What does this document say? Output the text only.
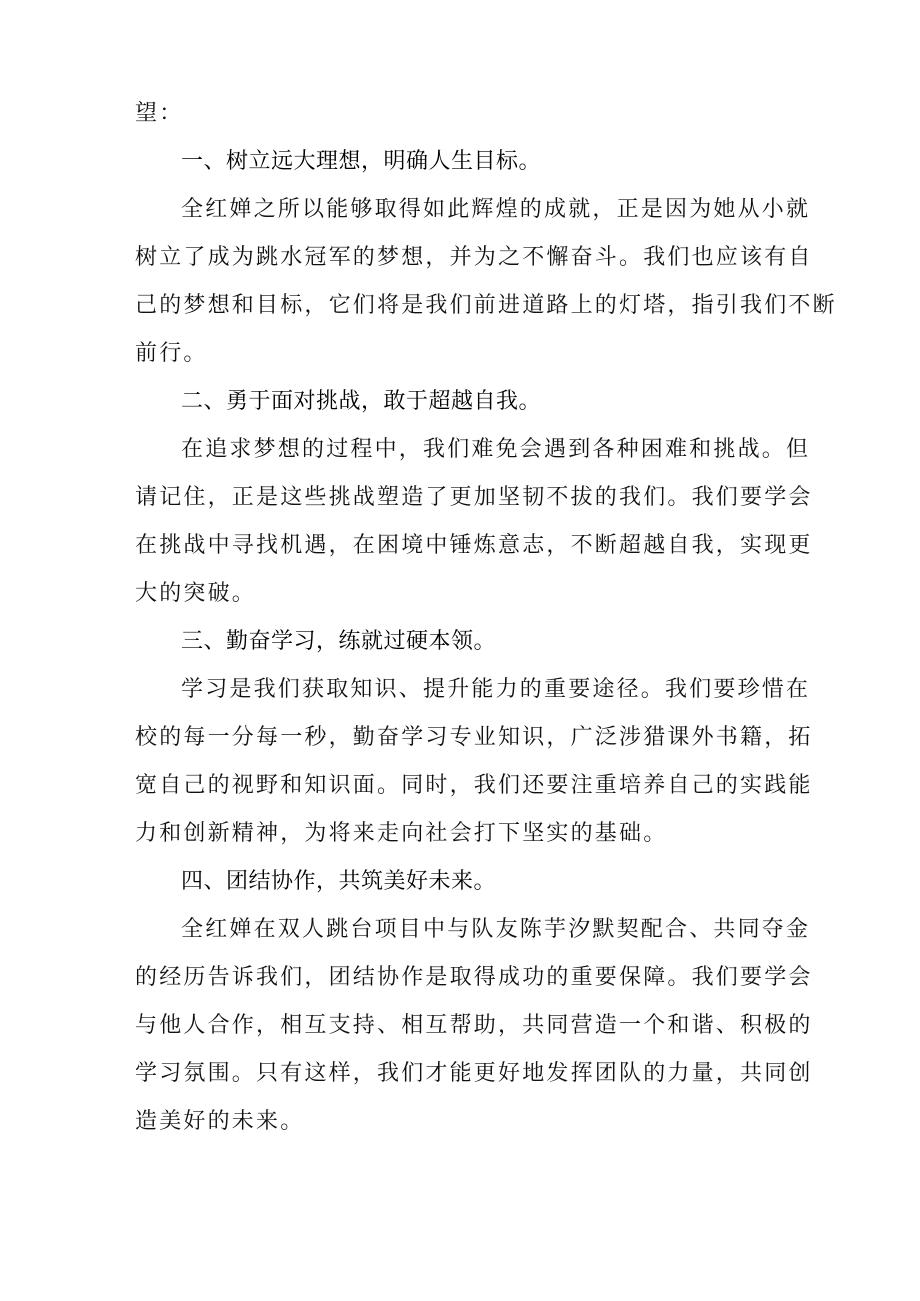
望：
一、树立远大理想，明确人生目标。
全红婵之所以能够取得如此辉煌的成就，正是因为她从小就
树立了成为跳水冠军的梦想，并为之不懈奋斗。我们也应该有自
己的梦想和目标，它们将是我们前进道路上的灯塔，指引我们不断
前行。
二、勇于面对挑战，敢于超越自我。
在追求梦想的过程中，我们难免会遇到各种困难和挑战。但
请记住，正是这些挑战塑造了更加坚韧不拔的我们。我们要学会
在挑战中寻找机遇，在困境中锤炼意志，不断超越自我，实现更
大的突破。
三、勤奋学习，练就过硬本领。
学习是我们获取知识、提升能力的重要途径。我们要珍惜在
校的每一分每一秒，勤奋学习专业知识，广泛涉猎课外书籍，拓
宽自己的视野和知识面。同时，我们还要注重培养自己的实践能
力和创新精神，为将来走向社会打下坚实的基础。
四、团结协作，共筑美好未来。
全红婵在双人跳台项目中与队友陈芋汐默契配合、共同夺金
的经历告诉我们，团结协作是取得成功的重要保障。我们要学会
与他人合作，相互支持、相互帮助，共同营造一个和谐、积极的
学习氛围。只有这样，我们才能更好地发挥团队的力量，共同创
造美好的未来。
